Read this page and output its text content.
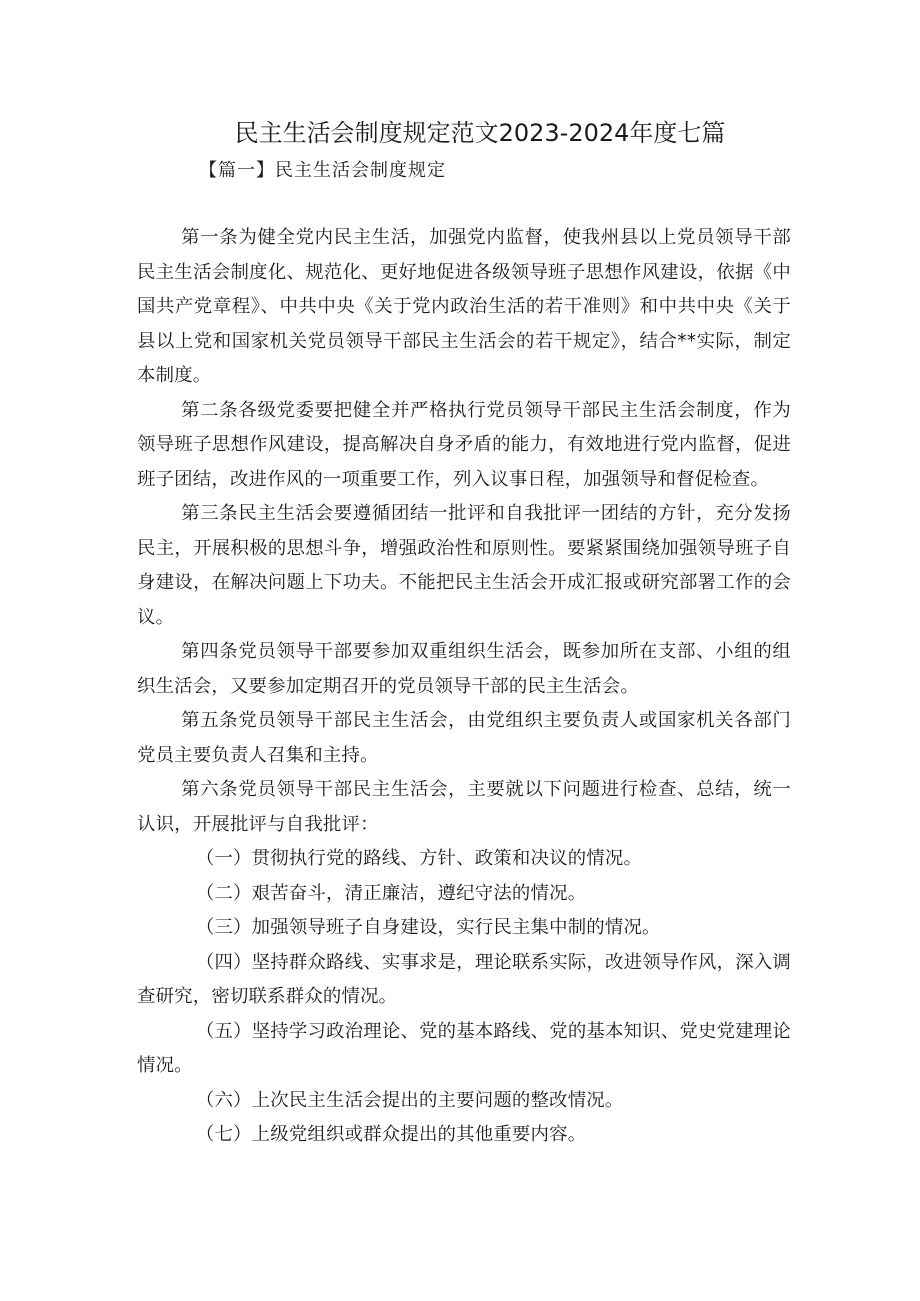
民主生活会制度规定范文2023-2024年度七篇

【篇一】民主生活会制度规定

第一条为健全党内民主生活，加强党内监督，使我州县以上党员领导干部民主生活会制度化、规范化、更好地促进各级领导班子思想作风建设，依据《中国共产党章程》、中共中央《关于党内政治生活的若干准则》和中共中央《关于县以上党和国家机关党员领导干部民主生活会的若干规定》，结合**实际，制定本制度。

第二条各级党委要把健全并严格执行党员领导干部民主生活会制度，作为领导班子思想作风建设，提高解决自身矛盾的能力，有效地进行党内监督，促进班子团结，改进作风的一项重要工作，列入议事日程，加强领导和督促检查。

第三条民主生活会要遵循团结一批评和自我批评一团结的方针，充分发扬民主，开展积极的思想斗争，增强政治性和原则性。要紧紧围绕加强领导班子自身建设，在解决问题上下功夫。不能把民主生活会开成汇报或研究部署工作的会议。

第四条党员领导干部要参加双重组织生活会，既参加所在支部、小组的组织生活会，又要参加定期召开的党员领导干部的民主生活会。

第五条党员领导干部民主生活会，由党组织主要负责人或国家机关各部门党员主要负责人召集和主持。

第六条党员领导干部民主生活会，主要就以下问题进行检查、总结，统一认识，开展批评与自我批评：

（一）贯彻执行党的路线、方针、政策和决议的情况。

（二）艰苦奋斗，清正廉洁，遵纪守法的情况。

（三）加强领导班子自身建设，实行民主集中制的情况。

（四）坚持群众路线、实事求是，理论联系实际，改进领导作风，深入调查研究，密切联系群众的情况。

（五）坚持学习政治理论、党的基本路线、党的基本知识、党史党建理论情况。

（六）上次民主生活会提出的主要问题的整改情况。

（七）上级党组织或群众提出的其他重要内容。
